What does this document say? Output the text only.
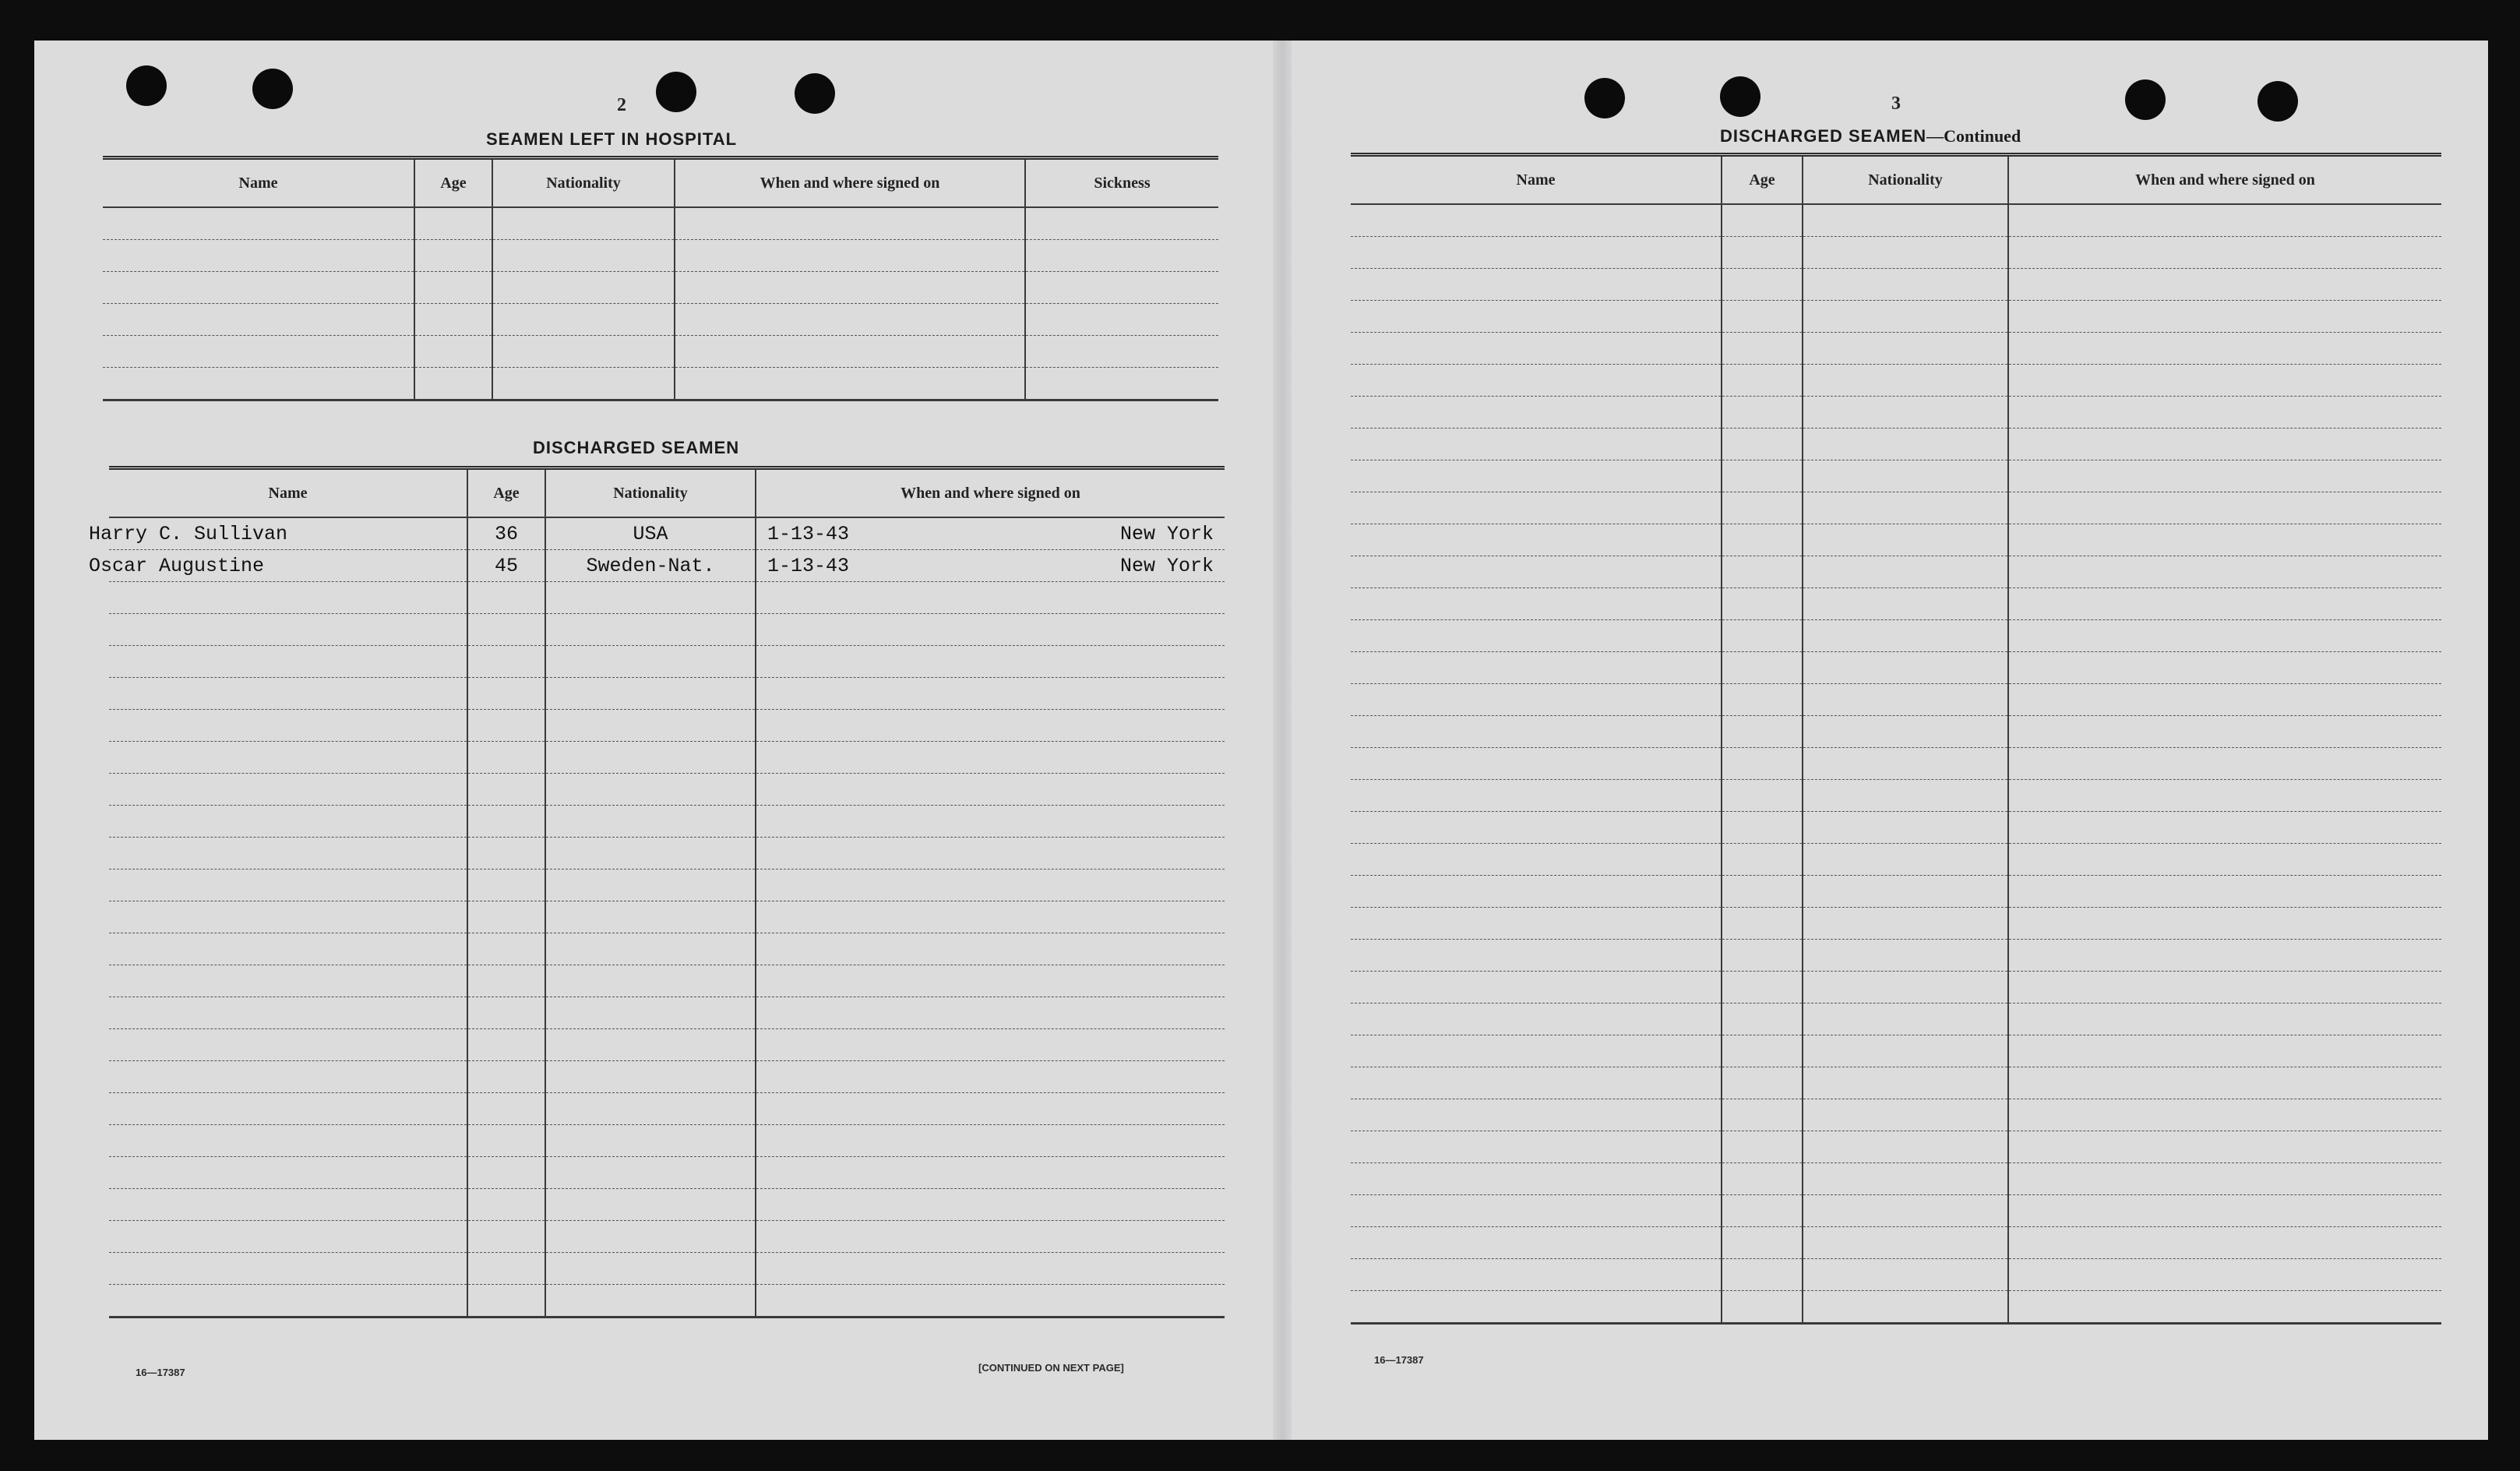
2
SEAMEN LEFT IN HOSPITAL
Name	Age	Nationality	When and where signed on	Sickness

DISCHARGED SEAMEN
Name	Age	Nationality	When and where signed on
Harry C. Sullivan	36	USA	1-13-43 New York

Oscar Augustine	45	Sweden-Nat.	1-13-43 New York

16—17387	[CONTINUED ON NEXT PAGE]
3
DISCHARGED SEAMEN—Continued
Name	Age	Nationality	When and where signed on

16—17387
